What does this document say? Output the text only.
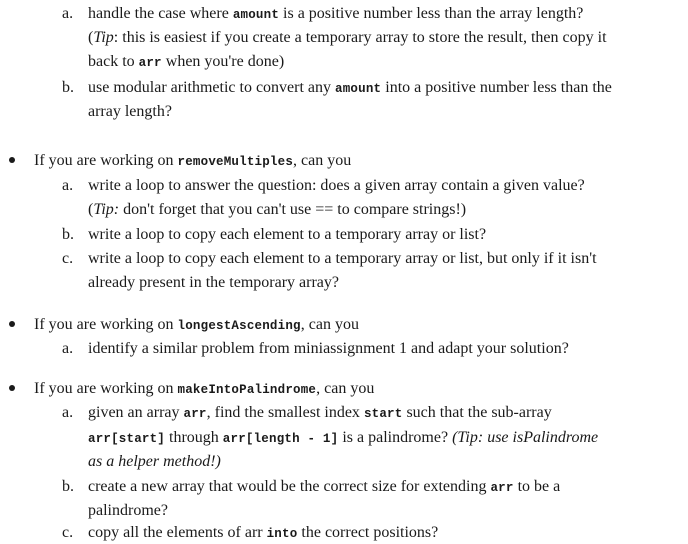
a. handle the case where amount is a positive number less than the array length?
(Tip: this is easiest if you create a temporary array to store the result, then copy it
back to arr when you're done)
b. use modular arithmetic to convert any amount into a positive number less than the
array length?
If you are working on removeMultiples, can you
a. write a loop to answer the question: does a given array contain a given value?
(Tip: don't forget that you can't use == to compare strings!)
b. write a loop to copy each element to a temporary array or list?
c. write a loop to copy each element to a temporary array or list, but only if it isn't
already present in the temporary array?
If you are working on longestAscending, can you
a. identify a similar problem from miniassignment 1 and adapt your solution?
If you are working on makeIntoPalindrome, can you
a. given an array arr, find the smallest index start such that the sub-array
arr[start] through arr[length - 1] is a palindrome? (Tip: use isPalindrome
as a helper method!)
b. create a new array that would be the correct size for extending arr to be a
palindrome?
c. copy all the elements of arr into the correct positions?
